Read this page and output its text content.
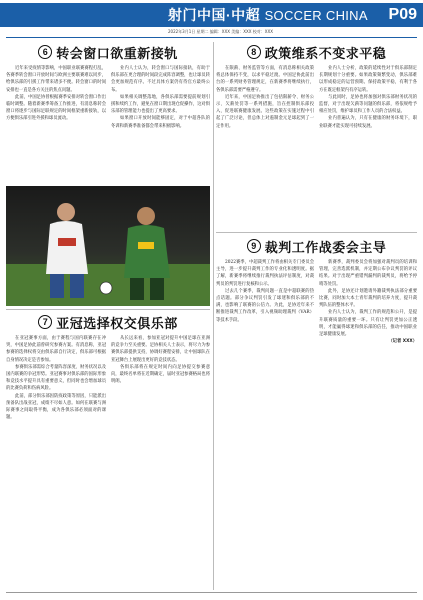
射门中国·中超 SOCCER CHINA P09
2022年3月1日 星期二 编辑：XXX 美编：XXX 校对：XXX
6 转会窗口欲重新接轨

近年来受疫情等影响，中国职业联赛赛程打乱，各赛季转会窗口开放时间与欧洲主要联赛难以同步，给俱乐部的引援工作带来诸多不便。转会窗口的时间安排也一直是各方关注的焦点问题。

此前，中国足协曾根据赛季安排对转会窗口作出临时调整。随着新赛季筹备工作推进，有消息称转会窗口将逐步与国际足联规定的时间框架重新接轨，以方便俱乐部引进外援和球员流动。

业内人士认为，转会窗口与国际接轨，有助于俱乐部在更合理的时间段完成阵容调整，也让球员转会更加规范有序。不过具体方案仍有待官方最终公布。

如果相关调整落地，各俱乐部需要提前规划引援和续约工作，避免在窗口期出现仓促操作，这对俱乐部的管理能力也提出了更高要求。

如果窗口开放时间能够固定，对于中超各队的冬训和新赛季准备都会带来积极影响。

7 亚冠选择权交俱乐部

在亚冠赛事方面，由于赛程与国内联赛存在冲突，中国足协此前曾研究参赛方案。有消息称，亚冠参赛的选择权将交由俱乐部自行决定，俱乐部可根据自身情况决定是否参加。

参赛俱乐部需综合考量阵容深度、财务状况以及国内联赛的争冠形势。亚冠赛事对俱乐部的国际形象和竞技水平提升具有重要意义，但同时也会增加球员的比赛负荷和伤病风险。

此前，部分俱乐部因防疫政策等原因，只能派出预备队出战亚冠，成绩不尽如人意。如何在联赛与洲际赛事之间取得平衡，成为各俱乐部必须面对的课题。

从长远来看，参加亚冠对提升中国足球在亚洲的竞争力至关重要。足协相关人士表示，将尽力为参赛俱乐部提供支持，协调好赛程安排，让中国球队在亚冠舞台上展现出更好的竞技状态。

各俱乐部将在规定时间内向足协提交参赛意向，最终名单将在近期确定，届时亚冠参赛格局也将明朗。

8 政策维系不变求平稳

在限薪、财务监管等方面，有消息称相关政策将总体保持不变，以求平稳过渡。中国足协此前出台的一系列财务管理规定，在新赛季将继续执行，各俱乐部需要严格遵守。

近年来，中国足协推出了包括限薪令、财务公示、欠薪处罚等一系列措施，旨在控制俱乐部投入、促进联赛健康发展。这些政策在实施过程中引起了广泛讨论，但总体上对遏制金元足球起到了一定作用。

业内人士分析，政策的延续性对于俱乐部制定长期规划十分重要。如果政策频繁变动，俱乐部难以形成稳定的运营预期。保持政策平稳，有利于各方在既定框架内有序运转。

与此同时，足协也将加强对俱乐部财务状况的监督，对于出现欠薪等问题的俱乐部，将依规给予相应处罚，维护球员和工作人员的合法权益。

业内普遍认为，只有在健康的财务环境下，职业联赛才能实现可持续发展。

9 裁判工作战委会主导

2022赛季，中超裁判工作将由相关专门委员会主导，进一步提升裁判工作的专业化和透明度。据了解，新赛季将继续推行裁判执法评估制度，对裁判员的判罚进行复核和公示。

过去几个赛季，裁判问题一直是中超联赛的热点话题。部分争议判罚引发了球迷和俱乐部的不满，也影响了联赛的公信力。为此，足协近年来不断推进裁判工作改革，引入视频助理裁判（VAR）等技术手段。

新赛季，裁判委员会将加强对裁判员的培训和管理，完善选派机制，并定期公布争议判罚的评议结果。对于出现严重错判漏判的裁判员，将给予停哨等处罚。

此外，足协还计划邀请外籍裁判执法部分重要比赛，同时加大本土青年裁判的培养力度，提升裁判队伍的整体水平。

业内人士认为，裁判工作的规范和公开，是提升联赛质量的重要一环。只有让判罚更加公正透明，才能赢得球迷和俱乐部的信任，推动中国职业足球健康发展。

（记者 XXX）
